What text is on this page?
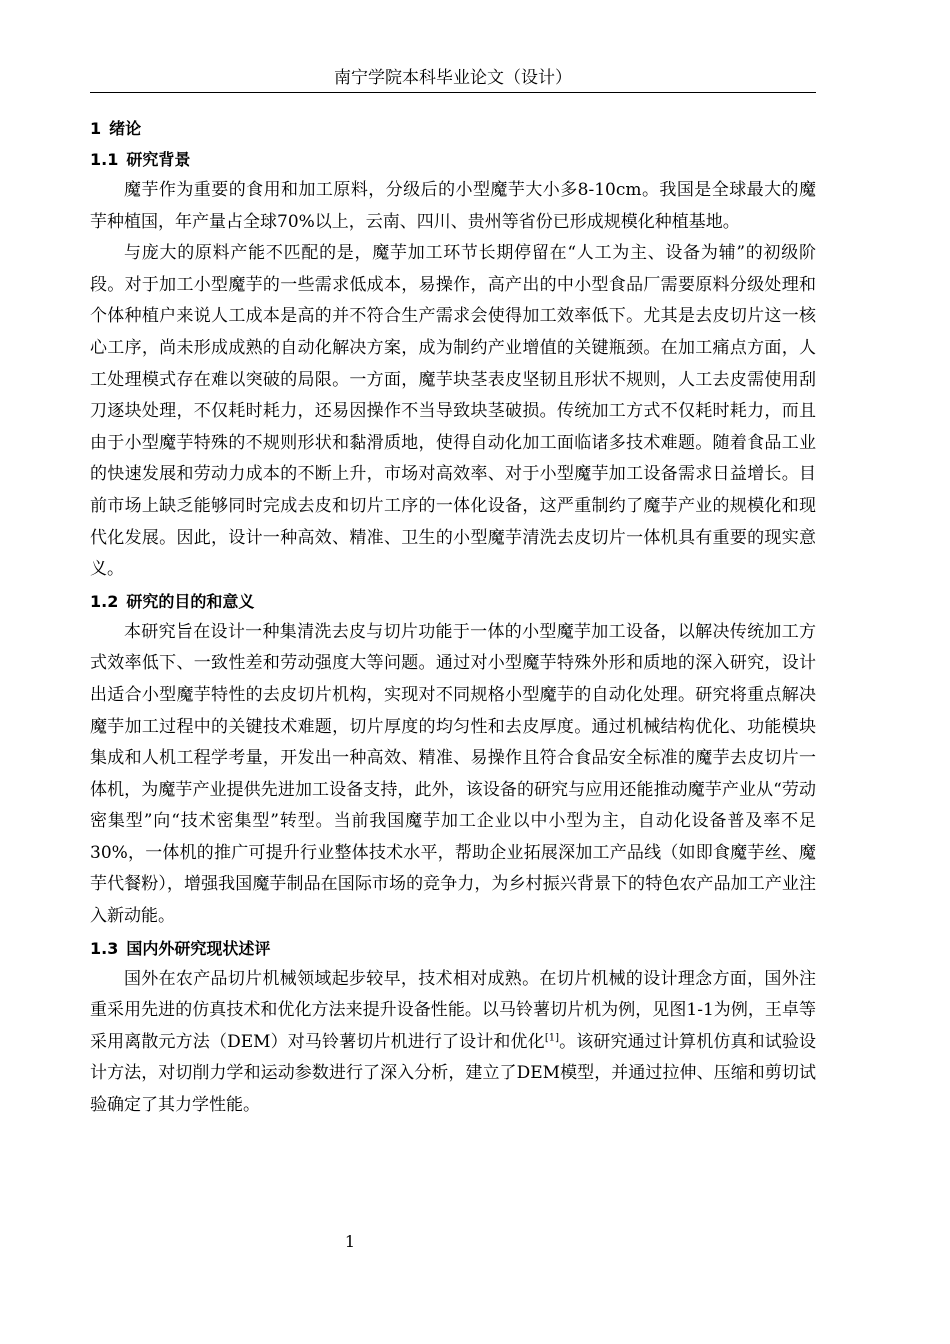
南宁学院本科毕业论文（设计）
1 绪论
1.1 研究背景

魔芋作为重要的食用和加工原料，分级后的小型魔芋大小多8-10cm。我国是全球最大的魔芋种植国，年产量占全球70%以上，云南、四川、贵州等省份已形成规模化种植基地。

与庞大的原料产能不匹配的是，魔芋加工环节长期停留在“人工为主、设备为辅”的初级阶段。对于加工小型魔芋的一些需求低成本，易操作，高产出的中小型食品厂需要原料分级处理和个体种植户来说人工成本是高的并不符合生产需求会使得加工效率低下。尤其是去皮切片这一核心工序，尚未形成成熟的自动化解决方案，成为制约产业增值的关键瓶颈。在加工痛点方面，人工处理模式存在难以突破的局限。一方面，魔芋块茎表皮坚韧且形状不规则，人工去皮需使用刮刀逐块处理，不仅耗时耗力，还易因操作不当导致块茎破损。传统加工方式不仅耗时耗力，而且由于小型魔芋特殊的不规则形状和黏滑质地，使得自动化加工面临诸多技术难题。随着食品工业的快速发展和劳动力成本的不断上升，市场对高效率、对于小型魔芋加工设备需求日益增长。目前市场上缺乏能够同时完成去皮和切片工序的一体化设备，这严重制约了魔芋产业的规模化和现代化发展。因此，设计一种高效、精准、卫生的小型魔芋清洗去皮切片一体机具有重要的现实意义。

1.2 研究的目的和意义

本研究旨在设计一种集清洗去皮与切片功能于一体的小型魔芋加工设备，以解决传统加工方式效率低下、一致性差和劳动强度大等问题。通过对小型魔芋特殊外形和质地的深入研究，设计出适合小型魔芋特性的去皮切片机构，实现对不同规格小型魔芋的自动化处理。研究将重点解决魔芋加工过程中的关键技术难题，切片厚度的均匀性和去皮厚度。通过机械结构优化、功能模块集成和人机工程学考量，开发出一种高效、精准、易操作且符合食品安全标准的魔芋去皮切片一体机，为魔芋产业提供先进加工设备支持，此外，该设备的研究与应用还能推动魔芋产业从“劳动密集型”向“技术密集型”转型。当前我国魔芋加工企业以中小型为主，自动化设备普及率不足30%，一体机的推广可提升行业整体技术水平，帮助企业拓展深加工产品线（如即食魔芋丝、魔芋代餐粉），增强我国魔芋制品在国际市场的竞争力，为乡村振兴背景下的特色农产品加工产业注入新动能。

1.3 国内外研究现状述评

国外在农产品切片机械领域起步较早，技术相对成熟。在切片机械的设计理念方面，国外注重采用先进的仿真技术和优化方法来提升设备性能。以马铃薯切片机为例，见图1-1为例，王卓等采用离散元方法（DEM）对马铃薯切片机进行了设计和优化[1]。该研究通过计算机仿真和试验设计方法，对切削力学和运动参数进行了深入分析，建立了DEM模型，并通过拉伸、压缩和剪切试验确定了其力学性能。

1
